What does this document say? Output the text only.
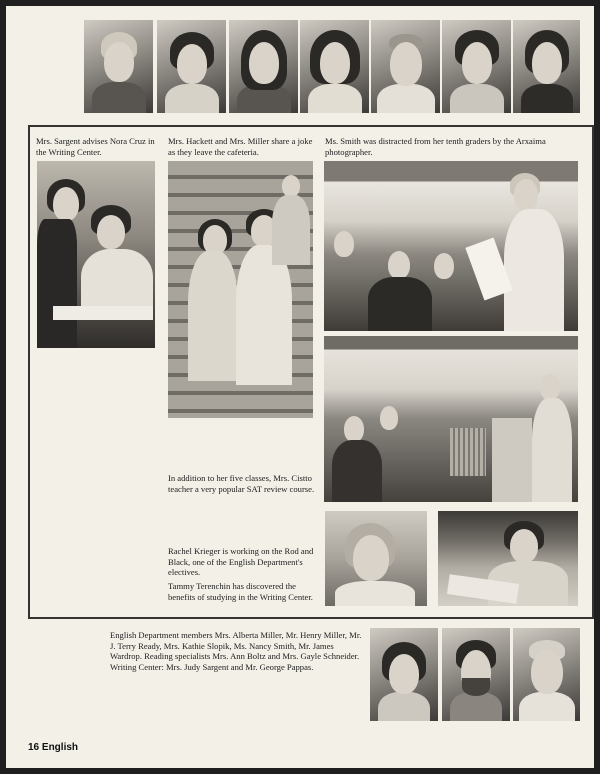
Mrs. Sargent advises Nora Cruz in the Writing Center.
Mrs. Hackett and Mrs. Miller share a joke as they leave the cafeteria.
Ms. Smith was distracted from her tenth graders by the Arxaima photographer.
In addition to her five classes, Mrs. Cistto teacher a very popular SAT review course.
Rachel Krieger is working on the Rod and Black, one of the English Department's electives.
Tammy Terenchin has discovered the benefits of studying in the Writing Center.
English Department members Mrs. Alberta Miller, Mr. Henry Miller, Mr. J. Terry Ready, Mrs. Kathie Slopik, Ms. Nancy Smith, Mr. James Wardrop. Reading specialists Mrs. Ann Boltz and Mrs. Gayle Schneider. Writing Center: Mrs. Judy Sargent and Mr. George Pappas.
16 English
